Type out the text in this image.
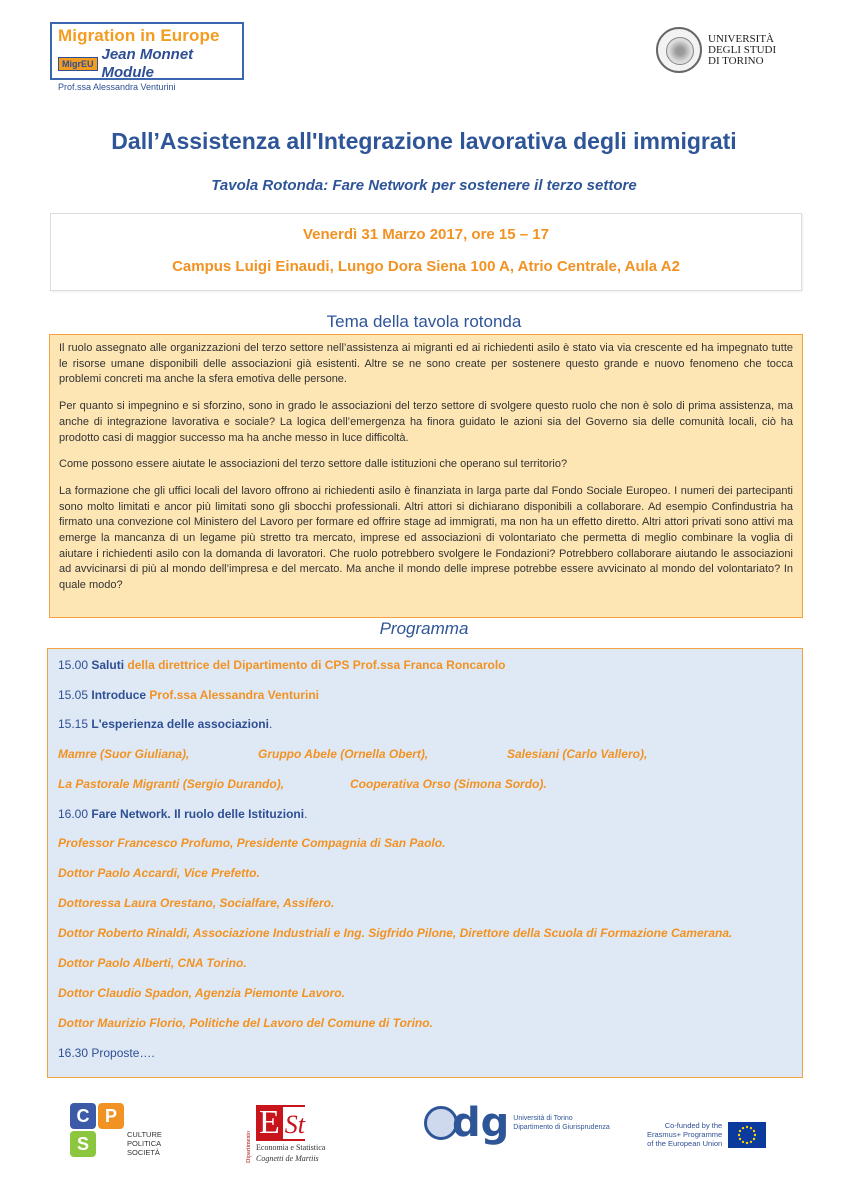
Migration in Europe
MigrEU
Jean Monnet Module
Prof.ssa Alessandra Venturini
UNIVERSITÀ
DEGLI STUDI
DI TORINO
Dall’Assistenza all'Integrazione lavorativa degli immigrati
Tavola Rotonda: Fare Network per sostenere il terzo settore
Venerdì 31 Marzo 2017, ore 15 – 17
Campus Luigi Einaudi, Lungo Dora Siena 100 A, Atrio Centrale, Aula A2
Tema della tavola rotonda

Il ruolo assegnato alle organizzazioni del terzo settore nell’assistenza ai migranti ed ai richiedenti asilo è stato via via crescente ed ha impegnato tutte le risorse umane disponibili delle associazioni già esistenti. Altre se ne sono create per sostenere questo grande e nuovo fenomeno che tocca problemi concreti ma anche la sfera emotiva delle persone.

Per quanto si impegnino e si sforzino, sono in grado le associazioni del terzo settore di svolgere questo ruolo che non è solo di prima assistenza, ma anche di integrazione lavorativa e sociale? La logica dell’emergenza ha finora guidato le azioni sia del Governo sia delle comunità locali, ciò ha prodotto casi di maggior successo ma ha anche messo in luce difficoltà.

Come possono essere aiutate le associazioni del terzo settore dalle istituzioni che operano sul territorio?

La formazione che gli uffici locali del lavoro offrono ai richiedenti asilo è finanziata in larga parte dal Fondo Sociale Europeo. I numeri dei partecipanti sono molto limitati e ancor più limitati sono gli sbocchi professionali. Altri attori si dichiarano disponibili a collaborare. Ad esempio Confindustria ha firmato una convezione col Ministero del Lavoro per formare ed offrire stage ad immigrati, ma non ha un effetto diretto. Altri attori privati sono attivi ma emerge la mancanza di un legame più stretto tra mercato, imprese ed associazioni di volontariato che permetta di meglio combinare la voglia di aiutare i richiedenti asilo con la domanda di lavoratori. Che ruolo potrebbero svolgere le Fondazioni? Potrebbero collaborare aiutando le associazioni ad avvicinarsi di più al mondo dell’impresa e del mercato. Ma anche il mondo delle imprese potrebbe essere avvicinato al mondo del volontariato? In quale modo?

Programma
15.00 Saluti della direttrice del Dipartimento di CPS Prof.ssa Franca Roncarolo
15.05 Introduce Prof.ssa Alessandra Venturini
15.15 L'esperienza delle associazioni.
Mamre (Suor Giuliana),	Gruppo Abele (Ornella Obert),	Salesiani (Carlo Vallero),
La Pastorale Migranti (Sergio Durando),	Cooperativa Orso (Simona Sordo).
16.00 Fare Network. Il ruolo delle Istituzioni.
Professor Francesco Profumo, Presidente Compagnia di San Paolo.
Dottor Paolo Accardi, Vice Prefetto.
Dottoressa Laura Orestano, Socialfare, Assifero.
Dottor Roberto Rinaldi, Associazione Industriali e Ing. Sigfrido Pilone, Direttore della Scuola di Formazione Camerana.
Dottor Paolo Alberti, CNA Torino.
Dottor Claudio Spadon, Agenzia Piemonte Lavoro.
Dottor Maurizio Florio, Politiche del Lavoro del Comune di Torino.
16.30 Proposte….
C P
S	CULTURE
POLITICA
SOCIETÀ	Dipartimento
E St
Economia e Statistica
Cognetti de Martiis
dg Università di Torino
Dipartimento di Giurisprudenza	Co-funded by the
Erasmus+ Programme
of the European Union
